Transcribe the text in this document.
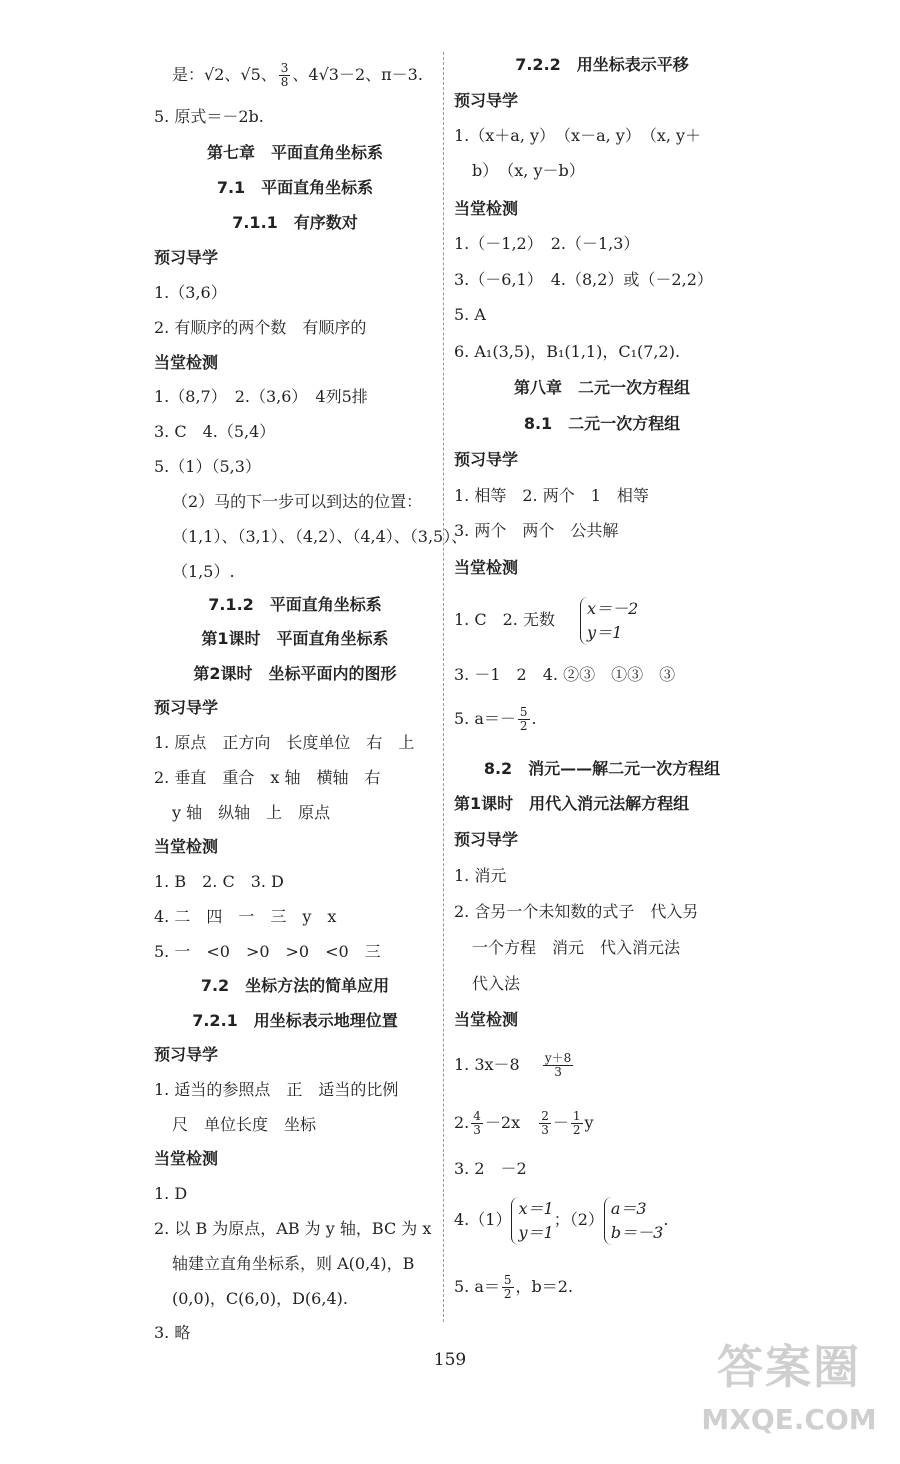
是：√2、√5、 $\frac{3}{8}$ 、4√3－2、π－3.
5. 原式＝－2b.
第七章　平面直角坐标系
7.1　平面直角坐标系
7.1.1　有序数对
预习导学
1.（3,6）
2. 有顺序的两个数　有顺序的
当堂检测
1.（8,7）　2.（3,6）　4列5排
3. C　4.（5,4）
5.（1）（5,3）
（2）马的下一步可以到达的位置：
（1,1）、（3,1）、（4,2）、（4,4）、（3,5）、
（1,5）.
7.1.2　平面直角坐标系
第1课时　平面直角坐标系
第2课时　坐标平面内的图形
预习导学
1. 原点　正方向　长度单位　右　上
2. 垂直　重合　x 轴　横轴　右
y 轴　纵轴　上　原点
当堂检测
1. B　2. C　3. D
4. 二　四　一　三　y　x
5. 一　<0　>0　>0　<0　三
7.2　坐标方法的简单应用
7.2.1　用坐标表示地理位置
预习导学
1. 适当的参照点　正　适当的比例
尺　单位长度　坐标
当堂检测
1. D
2. 以 B 为原点，AB 为 y 轴，BC 为 x
轴建立直角坐标系，则 A(0,4)，B
(0,0)，C(6,0)，D(6,4).
3. 略
7.2.2　用坐标表示平移
预习导学
1.（x＋a, y）　（x－a, y）　（x, y＋
b）　（x, y－b）
当堂检测
1.（－1,2）　2.（－1,3）
3.（－6,1）　4.（8,2）或（－2,2）
5. A
6. A₁(3,5)，B₁(1,1)，C₁(7,2).
第八章　二元一次方程组
8.1　二元一次方程组
预习导学
1. 相等　2. 两个　1　相等
3. 两个　两个　公共解
当堂检测
1. C　2. 无数
x＝－2
y＝1
3. －1　2　4. ②③　①③　③
5. $a=- \frac{5}{2}$ .
8.2　消元——解二元一次方程组
第1课时　用代入消元法解方程组
预习导学
1. 消元
2. 含另一个未知数的式子　代入另
一个方程　消元　代入消元法
代入法
当堂检测
1. $3x-8 \frac{y+8}{3}$
2. $\frac{4}{3} -2x \frac{2}{3} - \frac{1}{2}$ y
3. 2　－2
4.（1）
x＝1
y＝1
；（2）
a＝3
b＝－3
.
5. $a= \frac{5}{2}$ ，b＝2.
159	答案圈
MXQE.COM
